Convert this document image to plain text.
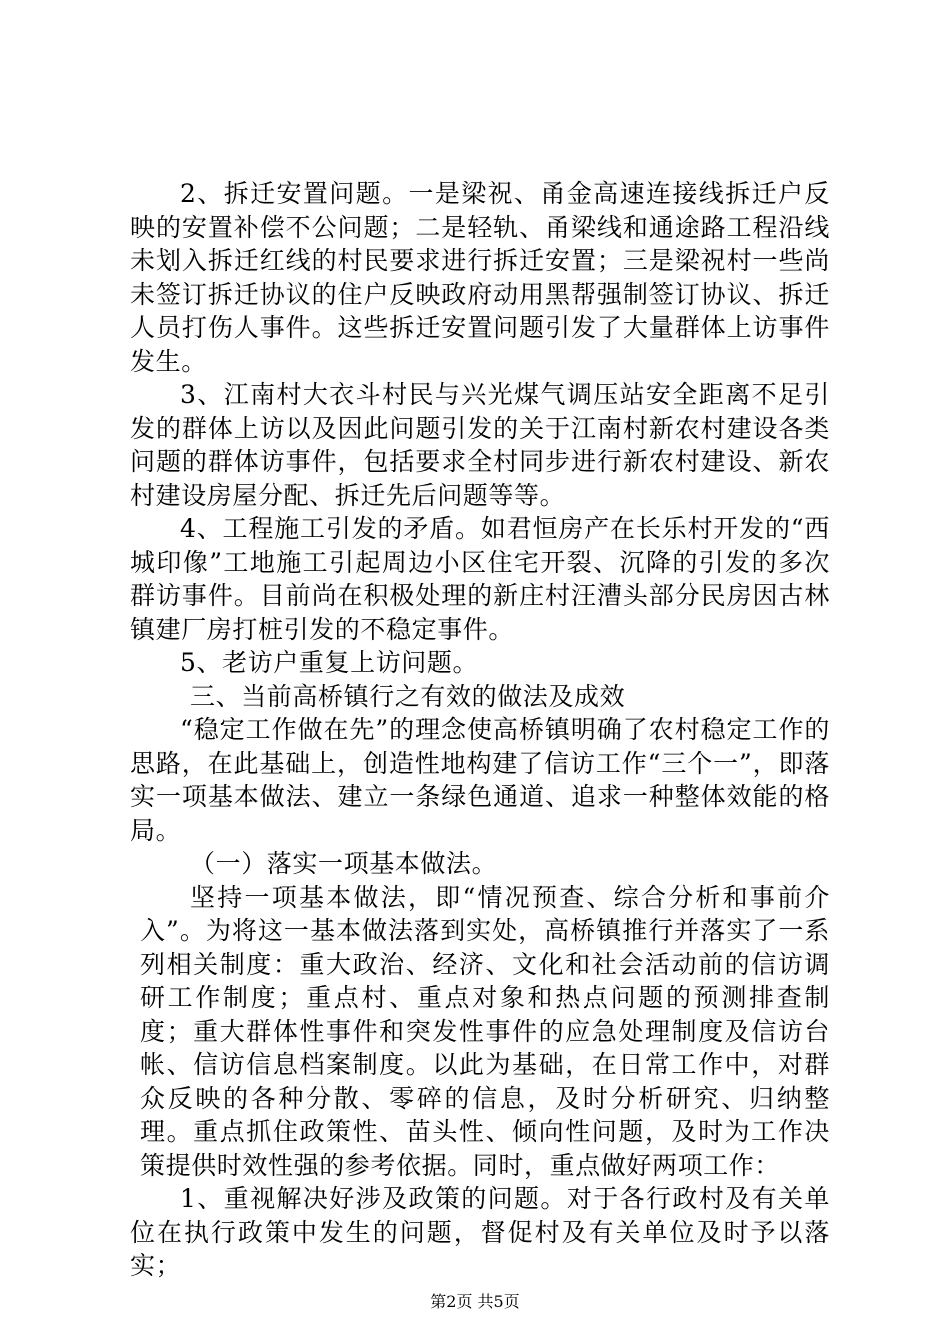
2、拆迁安置问题。一是梁祝、甬金高速连接线拆迁户反映的安置补偿不公问题；二是轻轨、甬梁线和通途路工程沿线未划入拆迁红线的村民要求进行拆迁安置；三是梁祝村一些尚未签订拆迁协议的住户反映政府动用黑帮强制签订协议、拆迁人员打伤人事件。这些拆迁安置问题引发了大量群体上访事件发生。

3、江南村大衣斗村民与兴光煤气调压站安全距离不足引发的群体上访以及因此问题引发的关于江南村新农村建设各类问题的群体访事件，包括要求全村同步进行新农村建设、新农村建设房屋分配、拆迁先后问题等等。

4、工程施工引发的矛盾。如君恒房产在长乐村开发的“西城印像”工地施工引起周边小区住宅开裂、沉降的引发的多次群访事件。目前尚在积极处理的新庄村汪漕头部分民房因古林镇建厂房打桩引发的不稳定事件。

5、老访户重复上访问题。

三、当前高桥镇行之有效的做法及成效

“稳定工作做在先”的理念使高桥镇明确了农村稳定工作的思路，在此基础上，创造性地构建了信访工作“三个一”，即落实一项基本做法、建立一条绿色通道、追求一种整体效能的格局。

（一）落实一项基本做法。

坚持一项基本做法，即“情况预查、综合分析和事前介入”。为将这一基本做法落到实处，高桥镇推行并落实了一系列相关制度：重大政治、经济、文化和社会活动前的信访调研工作制度；重点村、重点对象和热点问题的预测排查制度；重大群体性事件和突发性事件的应急处理制度及信访台帐、信访信息档案制度。以此为基础，在日常工作中，对群众反映的各种分散、零碎的信息，及时分析研究、归纳整理。重点抓住政策性、苗头性、倾向性问题，及时为工作决策提供时效性强的参考依据。同时，重点做好两项工作：

1、重视解决好涉及政策的问题。对于各行政村及有关单位在执行政策中发生的问题，督促村及有关单位及时予以落实；

第2页 共5页
